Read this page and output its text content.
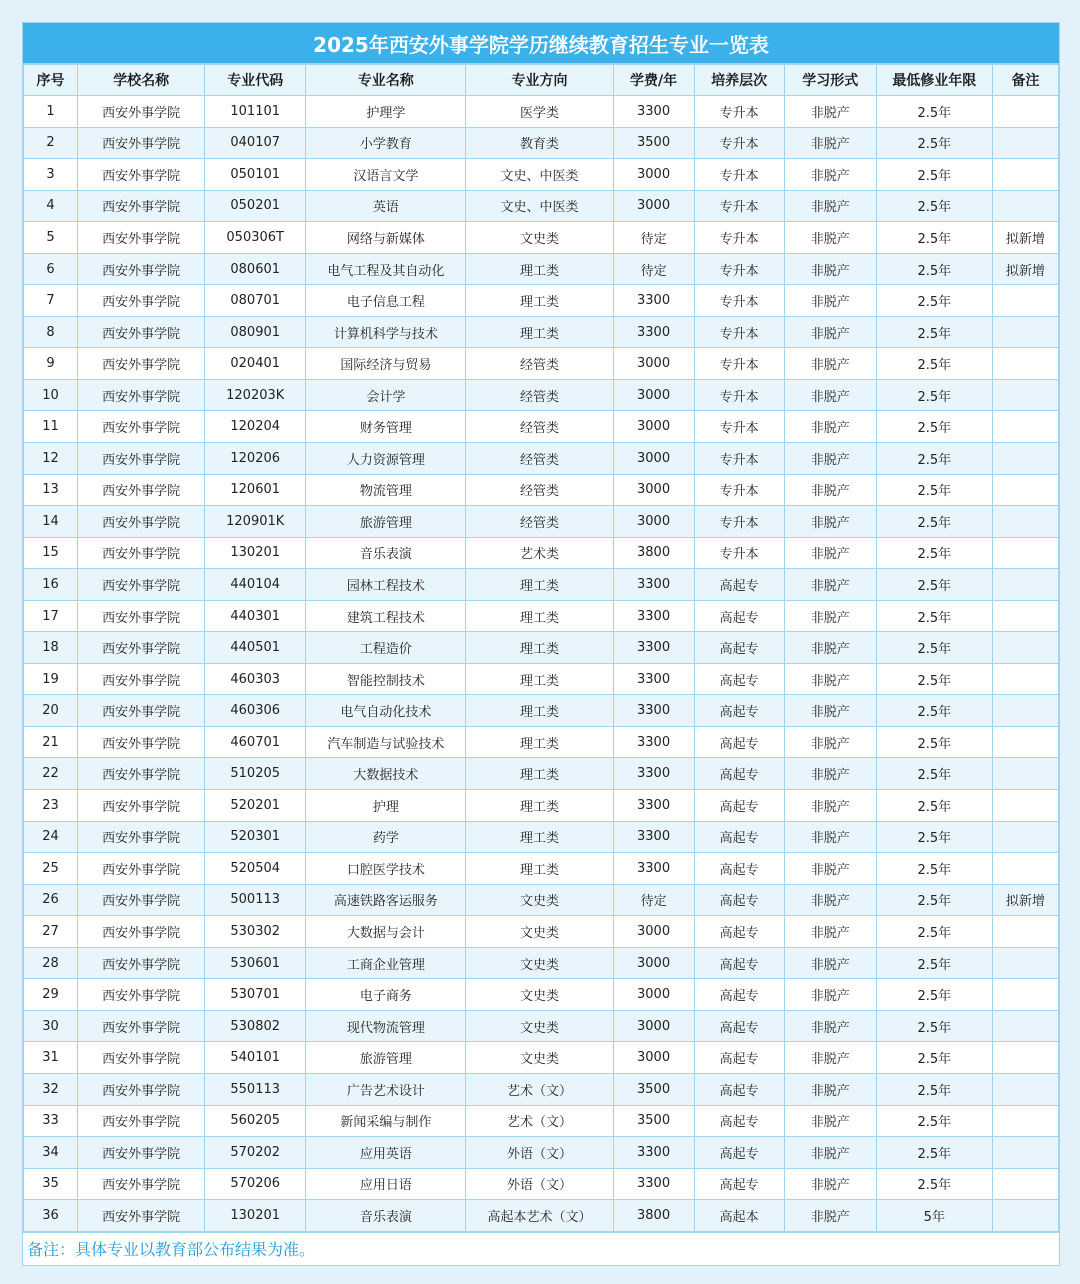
2025年西安外事学院学历继续教育招生专业一览表
序号	学校名称	专业代码	专业名称	专业方向	学费/年	培养层次	学习形式	最低修业年限	备注
1	西安外事学院	101101	护理学	医学类	3300	专升本	非脱产	2.5年	
2	西安外事学院	040107	小学教育	教育类	3500	专升本	非脱产	2.5年	
3	西安外事学院	050101	汉语言文学	文史、中医类	3000	专升本	非脱产	2.5年	
4	西安外事学院	050201	英语	文史、中医类	3000	专升本	非脱产	2.5年	
5	西安外事学院	050306T	网络与新媒体	文史类	待定	专升本	非脱产	2.5年	拟新增
6	西安外事学院	080601	电气工程及其自动化	理工类	待定	专升本	非脱产	2.5年	拟新增
7	西安外事学院	080701	电子信息工程	理工类	3300	专升本	非脱产	2.5年	
8	西安外事学院	080901	计算机科学与技术	理工类	3300	专升本	非脱产	2.5年	
9	西安外事学院	020401	国际经济与贸易	经管类	3000	专升本	非脱产	2.5年	
10	西安外事学院	120203K	会计学	经管类	3000	专升本	非脱产	2.5年	
11	西安外事学院	120204	财务管理	经管类	3000	专升本	非脱产	2.5年	
12	西安外事学院	120206	人力资源管理	经管类	3000	专升本	非脱产	2.5年	
13	西安外事学院	120601	物流管理	经管类	3000	专升本	非脱产	2.5年	
14	西安外事学院	120901K	旅游管理	经管类	3000	专升本	非脱产	2.5年	
15	西安外事学院	130201	音乐表演	艺术类	3800	专升本	非脱产	2.5年	
16	西安外事学院	440104	园林工程技术	理工类	3300	高起专	非脱产	2.5年	
17	西安外事学院	440301	建筑工程技术	理工类	3300	高起专	非脱产	2.5年	
18	西安外事学院	440501	工程造价	理工类	3300	高起专	非脱产	2.5年	
19	西安外事学院	460303	智能控制技术	理工类	3300	高起专	非脱产	2.5年	
20	西安外事学院	460306	电气自动化技术	理工类	3300	高起专	非脱产	2.5年	
21	西安外事学院	460701	汽车制造与试验技术	理工类	3300	高起专	非脱产	2.5年	
22	西安外事学院	510205	大数据技术	理工类	3300	高起专	非脱产	2.5年	
23	西安外事学院	520201	护理	理工类	3300	高起专	非脱产	2.5年	
24	西安外事学院	520301	药学	理工类	3300	高起专	非脱产	2.5年	
25	西安外事学院	520504	口腔医学技术	理工类	3300	高起专	非脱产	2.5年	
26	西安外事学院	500113	高速铁路客运服务	文史类	待定	高起专	非脱产	2.5年	拟新增
27	西安外事学院	530302	大数据与会计	文史类	3000	高起专	非脱产	2.5年	
28	西安外事学院	530601	工商企业管理	文史类	3000	高起专	非脱产	2.5年	
29	西安外事学院	530701	电子商务	文史类	3000	高起专	非脱产	2.5年	
30	西安外事学院	530802	现代物流管理	文史类	3000	高起专	非脱产	2.5年	
31	西安外事学院	540101	旅游管理	文史类	3000	高起专	非脱产	2.5年	
32	西安外事学院	550113	广告艺术设计	艺术（文）	3500	高起专	非脱产	2.5年	
33	西安外事学院	560205	新闻采编与制作	艺术（文）	3500	高起专	非脱产	2.5年	
34	西安外事学院	570202	应用英语	外语（文）	3300	高起专	非脱产	2.5年	
35	西安外事学院	570206	应用日语	外语（文）	3300	高起专	非脱产	2.5年	
36	西安外事学院	130201	音乐表演	高起本艺术（文）	3800	高起本	非脱产	5年	
备注：具体专业以教育部公布结果为准。
